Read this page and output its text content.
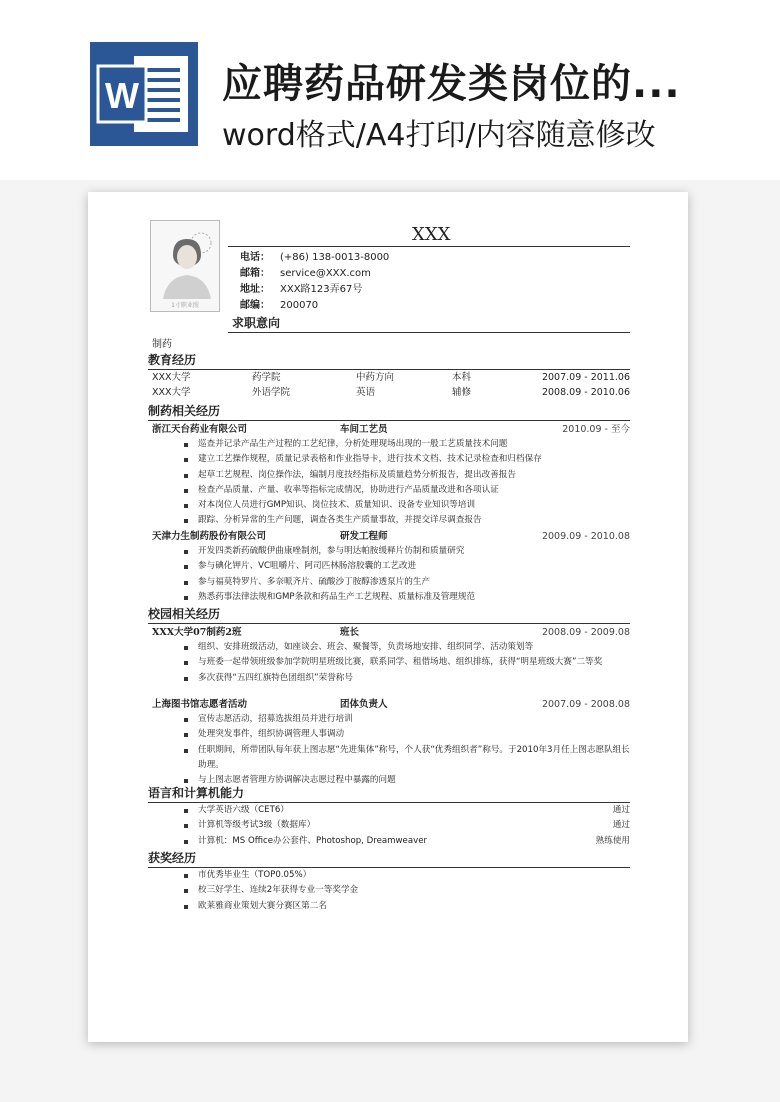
W 应聘药品研发类岗位的...
word格式/A4打印/内容随意修改
1寸职业照
XXX
电话：	(+86) 138-0013-8000
邮箱：	service@XXX.com
地址：	XXX路123弄67号
邮编：	200070
求职意向
制药
教育经历
XXX大学	药学院	中药方向	本科	2007.09 - 2011.06
XXX大学	外语学院	英语	辅修	2008.09 - 2010.06
制药相关经历
浙江天台药业有限公司	车间工艺员	2010.09 - 至今
巡查并记录产品生产过程的工艺纪律，分析处理现场出现的一般工艺质量技术问题
建立工艺操作规程，质量记录表格和作业指导卡，进行技术文档、技术记录检查和归档保存
起草工艺规程、岗位操作法，编制月度技经指标及质量趋势分析报告，提出改善报告
检查产品质量、产量、收率等指标完成情况，协助进行产品质量改进和各项认证
对本岗位人员进行GMP知识、岗位技术、质量知识、设备专业知识等培训
跟踪、分析异常的生产问题，调查各类生产质量事故，并提交详尽调查报告
天津力生制药股份有限公司	研发工程师	2009.09 - 2010.08
开发四类新药硫酸伊曲康唑制剂，参与明达帕胺缓释片仿制和质量研究
参与碘化钾片、VC咀嚼片、阿司匹林肠溶胶囊的工艺改进
参与福莫特罗片、多奈哌齐片、硫酸沙丁胺醇渗透泵片的生产
熟悉药事法律法规和GMP条款和药品生产工艺规程、质量标准及管理规范
校园相关经历
XXX大学07制药2班	班长	2008.09 - 2009.08
组织、安排班级活动，如座谈会、班会、聚餐等，负责场地安排、组织同学、活动策划等
与班委一起带领班级参加学院明星班级比赛，联系同学、租借场地、组织排练，获得“明星班级大赛”二等奖
多次获得“五四红旗特色团组织”荣誉称号
上海图书馆志愿者活动	团体负责人	2007.09 - 2008.08
宣传志愿活动，招募选拔组员并进行培训
处理突发事件，组织协调管理人事调动
任职期间，所带团队每年获上图志愿“先进集体”称号，个人获“优秀组织者”称号。于2010年3月任上图志愿队组长助理。
与上图志愿者管理方协调解决志愿过程中暴露的问题
语言和计算机能力
大学英语六级（CET6）	通过
计算机等级考试3级（数据库）	通过
计算机：MS Office办公套件、Photoshop, Dreamweaver	熟练使用
获奖经历
市优秀毕业生（TOP0.05%）
校三好学生、连续2年获得专业一等奖学金
欧莱雅商业策划大赛分赛区第二名
